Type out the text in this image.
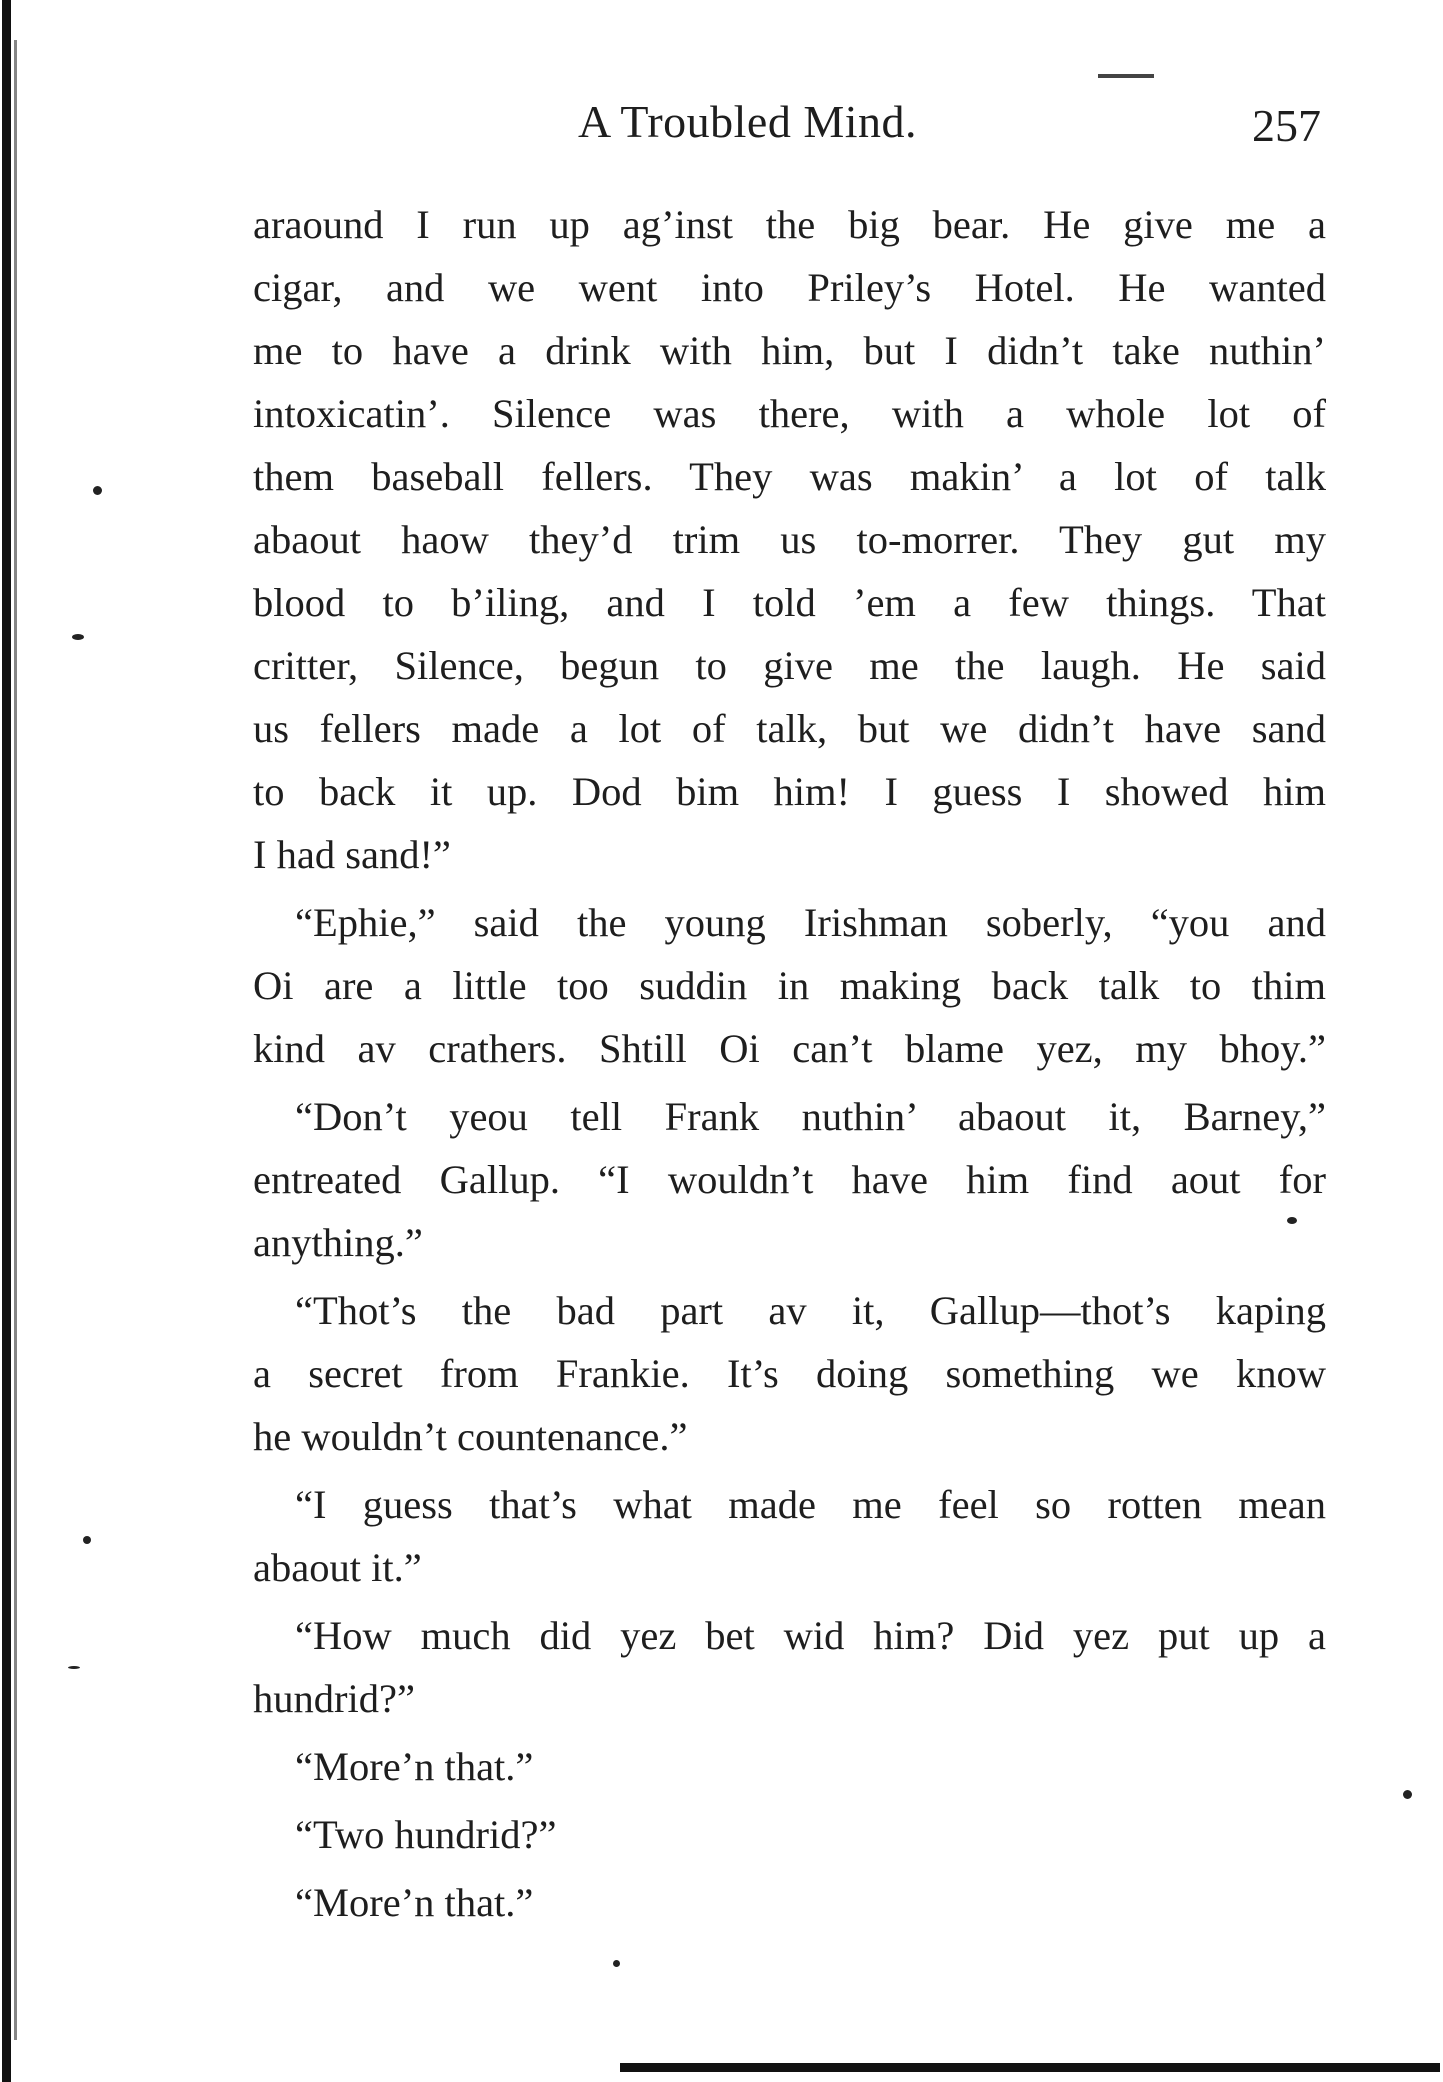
A Troubled Mind.	257
araound I run up ag’inst the big bear. He give me a
cigar, and we went into Priley’s Hotel. He wanted
me to have a drink with him, but I didn’t take nuthin’
intoxicatin’. Silence was there, with a whole lot of
them baseball fellers. They was makin’ a lot of talk
abaout haow they’d trim us to-morrer. They gut my
blood to b’iling, and I told ’em a few things. That
critter, Silence, begun to give me the laugh. He said
us fellers made a lot of talk, but we didn’t have sand
to back it up. Dod bim him! I guess I showed him
I had sand!”
“Ephie,” said the young Irishman soberly, “you and
Oi are a little too suddin in making back talk to thim
kind av crathers. Shtill Oi can’t blame yez, my bhoy.”
“Don’t yeou tell Frank nuthin’ abaout it, Barney,”
entreated Gallup. “I wouldn’t have him find aout for
anything.”
“Thot’s the bad part av it, Gallup—thot’s kaping
a secret from Frankie. It’s doing something we know
he wouldn’t countenance.”
“I guess that’s what made me feel so rotten mean
abaout it.”
“How much did yez bet wid him? Did yez put up a
hundrid?”
“More’n that.”
“Two hundrid?”
“More’n that.”
